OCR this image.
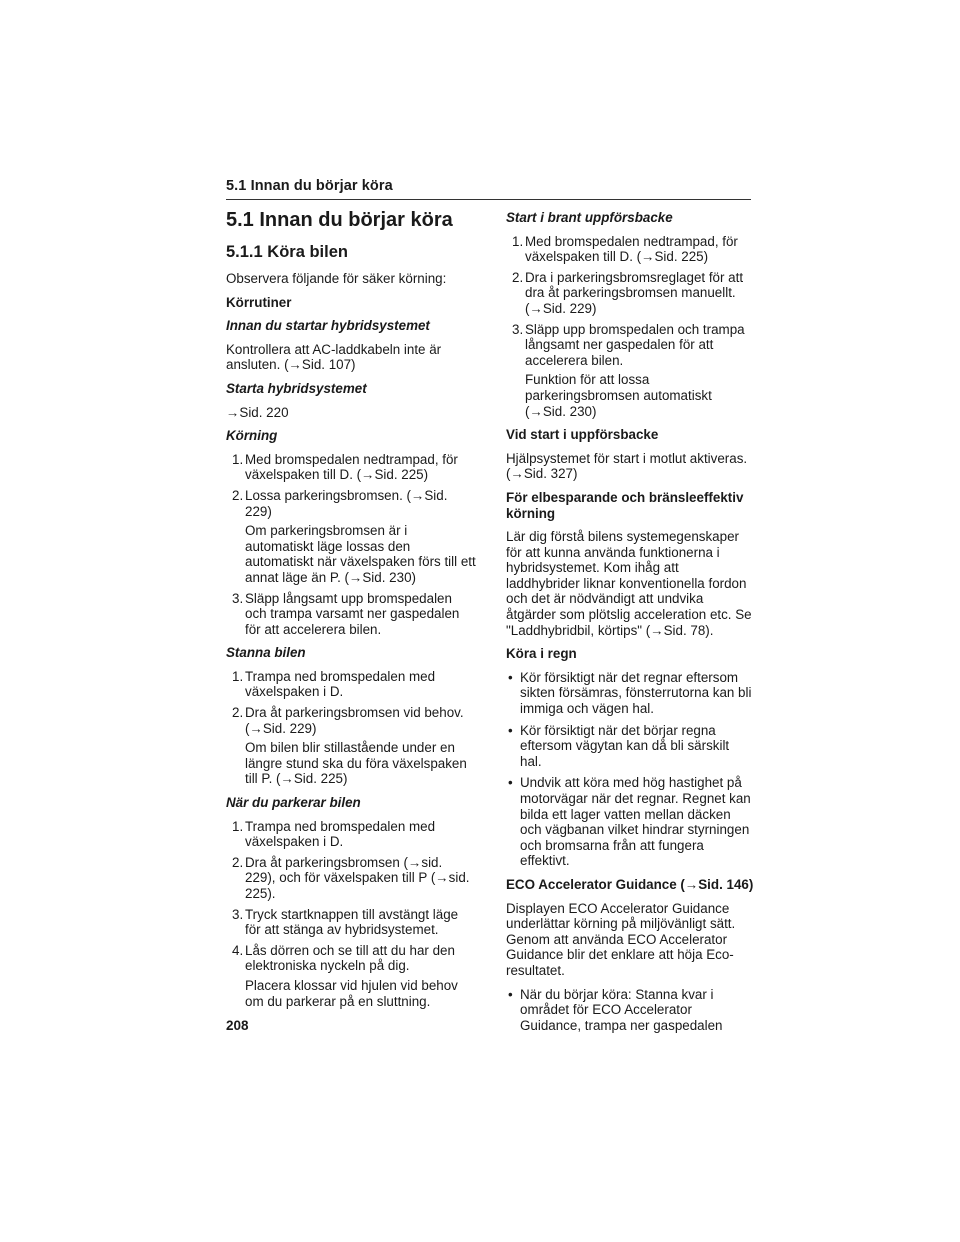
5.1 Innan du börjar köra
5.1 Innan du börjar köra
5.1.1 Köra bilen
Observera följande för säker körning:
Körrutiner
Innan du startar hybridsystemet
Kontrollera att AC-laddkabeln inte är ansluten. (→Sid. 107)
Starta hybridsystemet
→Sid. 220
Körning
1. Med bromspedalen nedtrampad, för växelspaken till D. (→Sid. 225)
2. Lossa parkeringsbromsen. (→Sid. 229)
Om parkeringsbromsen är i automatiskt läge lossas den automatiskt när växelspaken förs till ett annat läge än P. (→Sid. 230)
3. Släpp långsamt upp bromspedalen och trampa varsamt ner gaspedalen för att accelerera bilen.
Stanna bilen
1. Trampa ned bromspedalen med växelspaken i D.
2. Dra åt parkeringsbromsen vid behov. (→Sid. 229)
Om bilen blir stillastående under en längre stund ska du föra växelspaken till P. (→Sid. 225)
När du parkerar bilen
1. Trampa ned bromspedalen med växelspaken i D.
2. Dra åt parkeringsbromsen (→sid. 229), och för växelspaken till P (→sid. 225).
3. Tryck startknappen till avstängt läge för att stänga av hybridsystemet.
4. Lås dörren och se till att du har den elektroniska nyckeln på dig.
Placera klossar vid hjulen vid behov om du parkerar på en sluttning.
Start i brant uppförsbacke
1. Med bromspedalen nedtrampad, för växelspaken till D. (→Sid. 225)
2. Dra i parkeringsbromsreglaget för att dra åt parkeringsbromsen manuellt. (→Sid. 229)
3. Släpp upp bromspedalen och trampa långsamt ner gaspedalen för att accelerera bilen.
Funktion för att lossa parkeringsbromsen automatiskt (→Sid. 230)
Vid start i uppförsbacke
Hjälpsystemet för start i motlut aktiveras. (→Sid. 327)
För elbesparande och bränsleeffektiv körning
Lär dig förstå bilens systemegenskaper för att kunna använda funktionerna i hybridsystemet. Kom ihåg att laddhybrider liknar konventionella fordon och det är nödvändigt att undvika åtgärder som plötslig acceleration etc. Se "Laddhybridbil, körtips" (→Sid. 78).
Köra i regn
• Kör försiktigt när det regnar eftersom sikten försämras, fönsterrutorna kan bli immiga och vägen hal.
• Kör försiktigt när det börjar regna eftersom vägytan kan då bli särskilt hal.
• Undvik att köra med hög hastighet på motorvägar när det regnar. Regnet kan bilda ett lager vatten mellan däcken och vägbanan vilket hindrar styrningen och bromsarna från att fungera effektivt.
ECO Accelerator Guidance (→Sid. 146)
Displayen ECO Accelerator Guidance underlättar körning på miljövänligt sätt. Genom att använda ECO Accelerator Guidance blir det enklare att höja Eco-resultatet.
• När du börjar köra: Stanna kvar i området för ECO Accelerator Guidance, trampa ner gaspedalen
208
